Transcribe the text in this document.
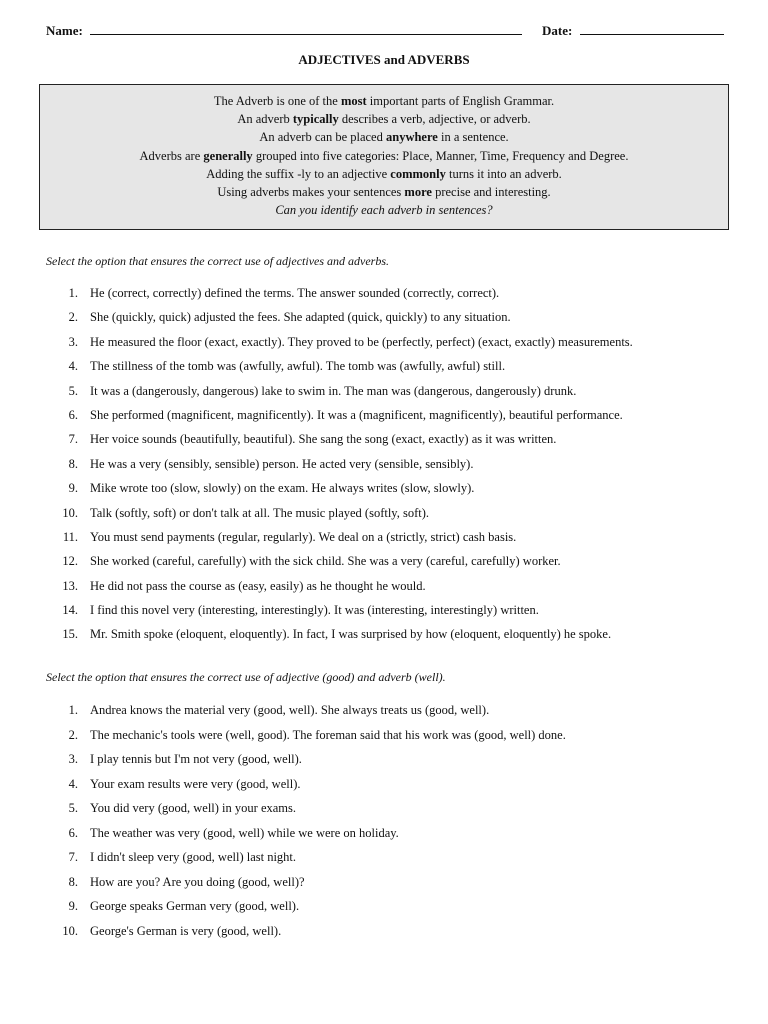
Name:	Date:
ADJECTIVES and ADVERBS
The Adverb is one of the most important parts of English Grammar.
An adverb typically describes a verb, adjective, or adverb.
An adverb can be placed anywhere in a sentence.
Adverbs are generally grouped into five categories: Place, Manner, Time, Frequency and Degree.
Adding the suffix -ly to an adjective commonly turns it into an adverb.
Using adverbs makes your sentences more precise and interesting.
Can you identify each adverb in sentences?
Select the option that ensures the correct use of adjectives and adverbs.
1. He (correct, correctly) defined the terms. The answer sounded (correctly, correct).
2. She (quickly, quick) adjusted the fees. She adapted (quick, quickly) to any situation.
3. He measured the floor (exact, exactly). They proved to be (perfectly, perfect) (exact, exactly) measurements.
4. The stillness of the tomb was (awfully, awful). The tomb was (awfully, awful) still.
5. It was a (dangerously, dangerous) lake to swim in. The man was (dangerous, dangerously) drunk.
6. She performed (magnificent, magnificently). It was a (magnificent, magnificently), beautiful performance.
7. Her voice sounds (beautifully, beautiful). She sang the song (exact, exactly) as it was written.
8. He was a very (sensibly, sensible) person. He acted very (sensible, sensibly).
9. Mike wrote too (slow, slowly) on the exam. He always writes (slow, slowly).
10. Talk (softly, soft) or don't talk at all. The music played (softly, soft).
11. You must send payments (regular, regularly). We deal on a (strictly, strict) cash basis.
12. She worked (careful, carefully) with the sick child. She was a very (careful, carefully) worker.
13. He did not pass the course as (easy, easily) as he thought he would.
14. I find this novel very (interesting, interestingly). It was (interesting, interestingly) written.
15. Mr. Smith spoke (eloquent, eloquently). In fact, I was surprised by how (eloquent, eloquently) he spoke.
Select the option that ensures the correct use of adjective (good) and adverb (well).
1. Andrea knows the material very (good, well). She always treats us (good, well).
2. The mechanic's tools were (well, good). The foreman said that his work was (good, well) done.
3. I play tennis but I'm not very (good, well).
4. Your exam results were very (good, well).
5. You did very (good, well) in your exams.
6. The weather was very (good, well) while we were on holiday.
7. I didn't sleep very (good, well) last night.
8. How are you? Are you doing (good, well)?
9. George speaks German very (good, well).
10. George's German is very (good, well).
